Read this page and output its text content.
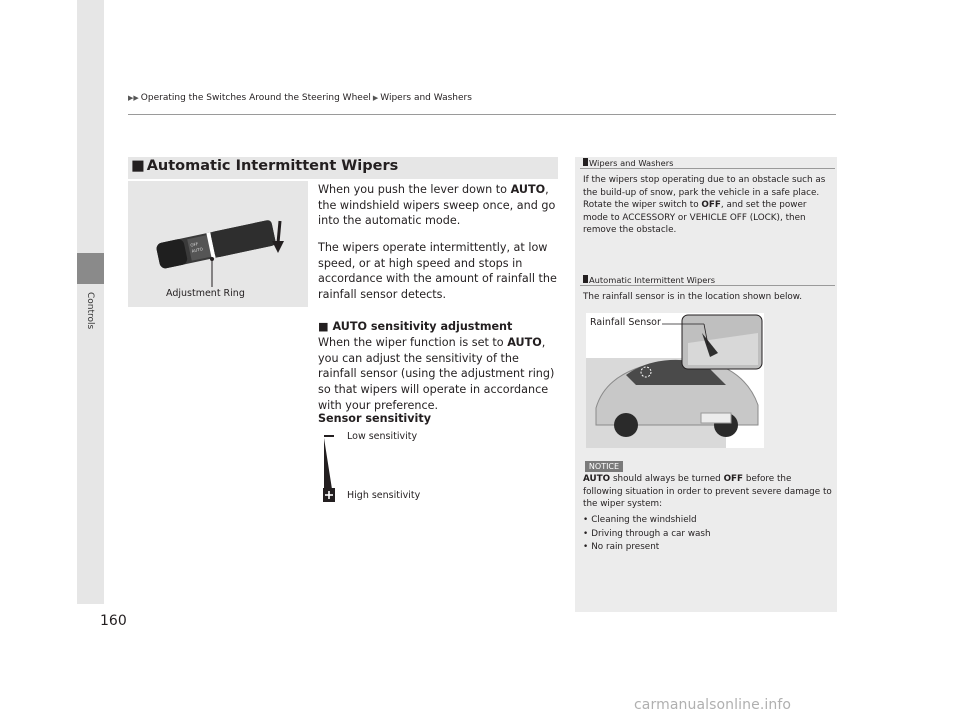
Controls
160
▶▶ Operating the Switches Around the Steering Wheel ▶ Wipers and Washers
■ Automatic Intermittent Wipers
OFF
AUTO
Adjustment Ring
When you push the lever down to AUTO, the windshield wipers sweep once, and go into the automatic mode.
The wipers operate intermittently, at low speed, or at high speed and stops in accordance with the amount of rainfall the rainfall sensor detects.
■ AUTO sensitivity adjustment
When the wiper function is set to AUTO, you can adjust the sensitivity of the rainfall sensor (using the adjustment ring) so that wipers will operate in accordance with your preference.
Sensor sensitivity
Low sensitivity
High sensitivity
Wipers and Washers
If the wipers stop operating due to an obstacle such as the build-up of snow, park the vehicle in a safe place.
Rotate the wiper switch to OFF, and set the power mode to ACCESSORY or VEHICLE OFF (LOCK), then remove the obstacle.
Automatic Intermittent Wipers
The rainfall sensor is in the location shown below.
Rainfall Sensor
NOTICE
AUTO should always be turned OFF before the following situation in order to prevent severe damage to the wiper system:
• Cleaning the windshield
• Driving through a car wash
• No rain present
carmanualsonline.info
